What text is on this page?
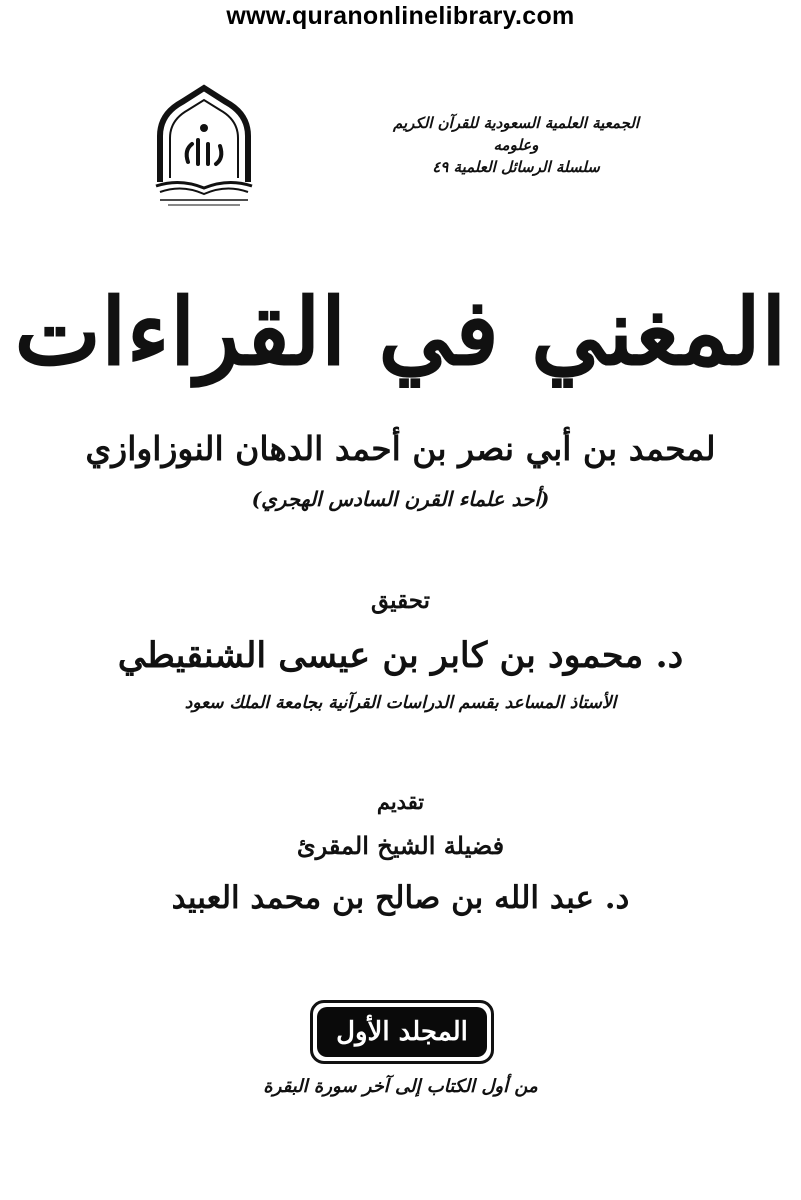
www.quranonlinelibrary.com
الجمعية العلمية السعودية للقرآن الكريم وعلومه
سلسلة الرسائل العلمية ٤٩
المغني في القراءات
لمحمد بن أبي نصر بن أحمد الدهان النوزاوازي
(أحد علماء القرن السادس الهجري)
تحقيق
د. محمود بن كابر بن عيسى الشنقيطي
الأستاذ المساعد بقسم الدراسات القرآنية بجامعة الملك سعود
تقديم
فضيلة الشيخ المقرئ
د. عبد الله بن صالح بن محمد العبيد
المجلد الأول
من أول الكتاب إلى آخر سورة البقرة
